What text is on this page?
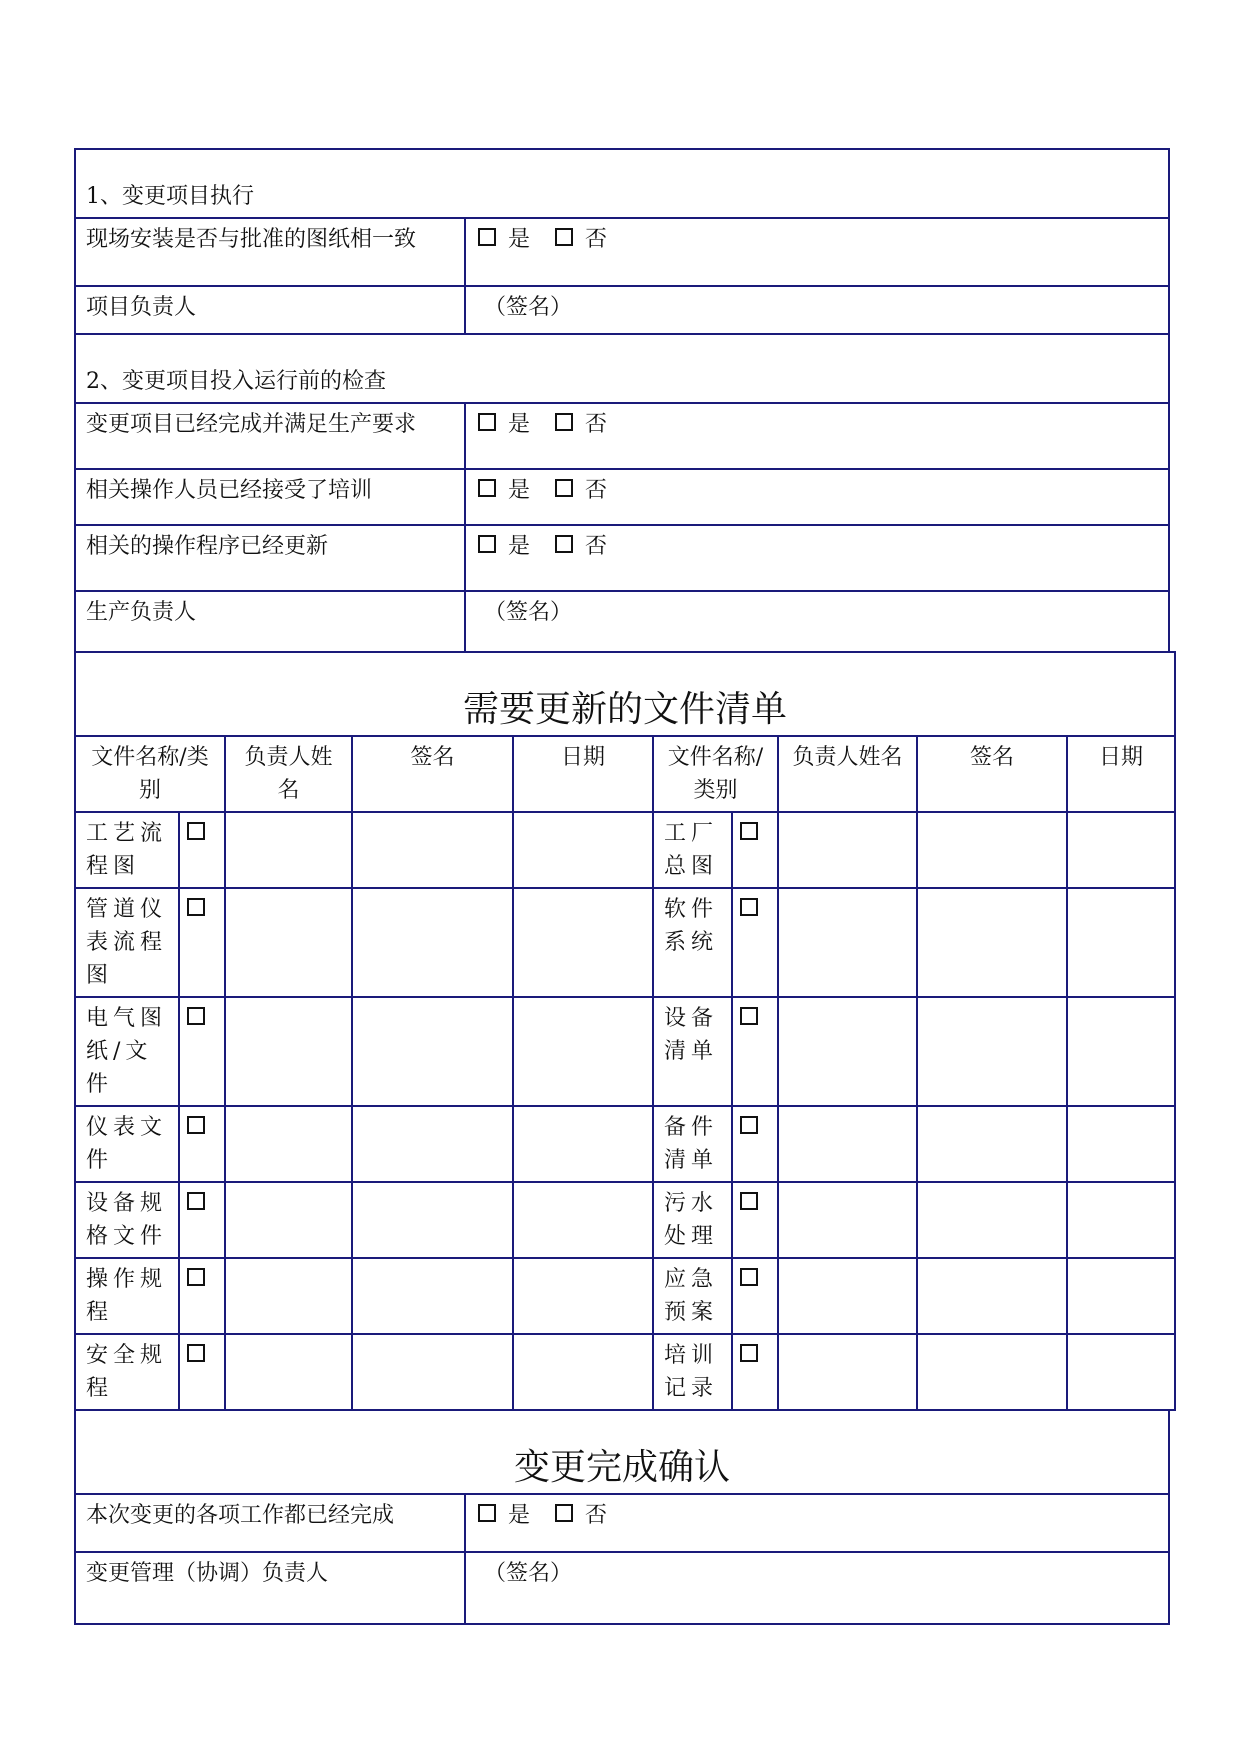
1、变更项目执行	
现场安装是否与批准的图纸相一致	是 否
项目负责人	（签名）
2、变更项目投入运行前的检查	
变更项目已经完成并满足生产要求	是 否
相关操作人员已经接受了培训	是 否
相关的操作程序已经更新	是 否
生产负责人	（签名）
需要更新的文件清单									
文件名称/类别		负责人姓名	签名	日期	文件名称/类别		负责人姓名	签名	日期
工艺流程图					工厂总图				
管道仪表流程图					软件系统				
电气图纸/文件					设备清单				
仪表文件					备件清单				
设备规格文件					污水处理				
操作规程					应急预案				
安全规程					培训记录				
变更完成确认	
本次变更的各项工作都已经完成	是 否
变更管理（协调）负责人	（签名）
